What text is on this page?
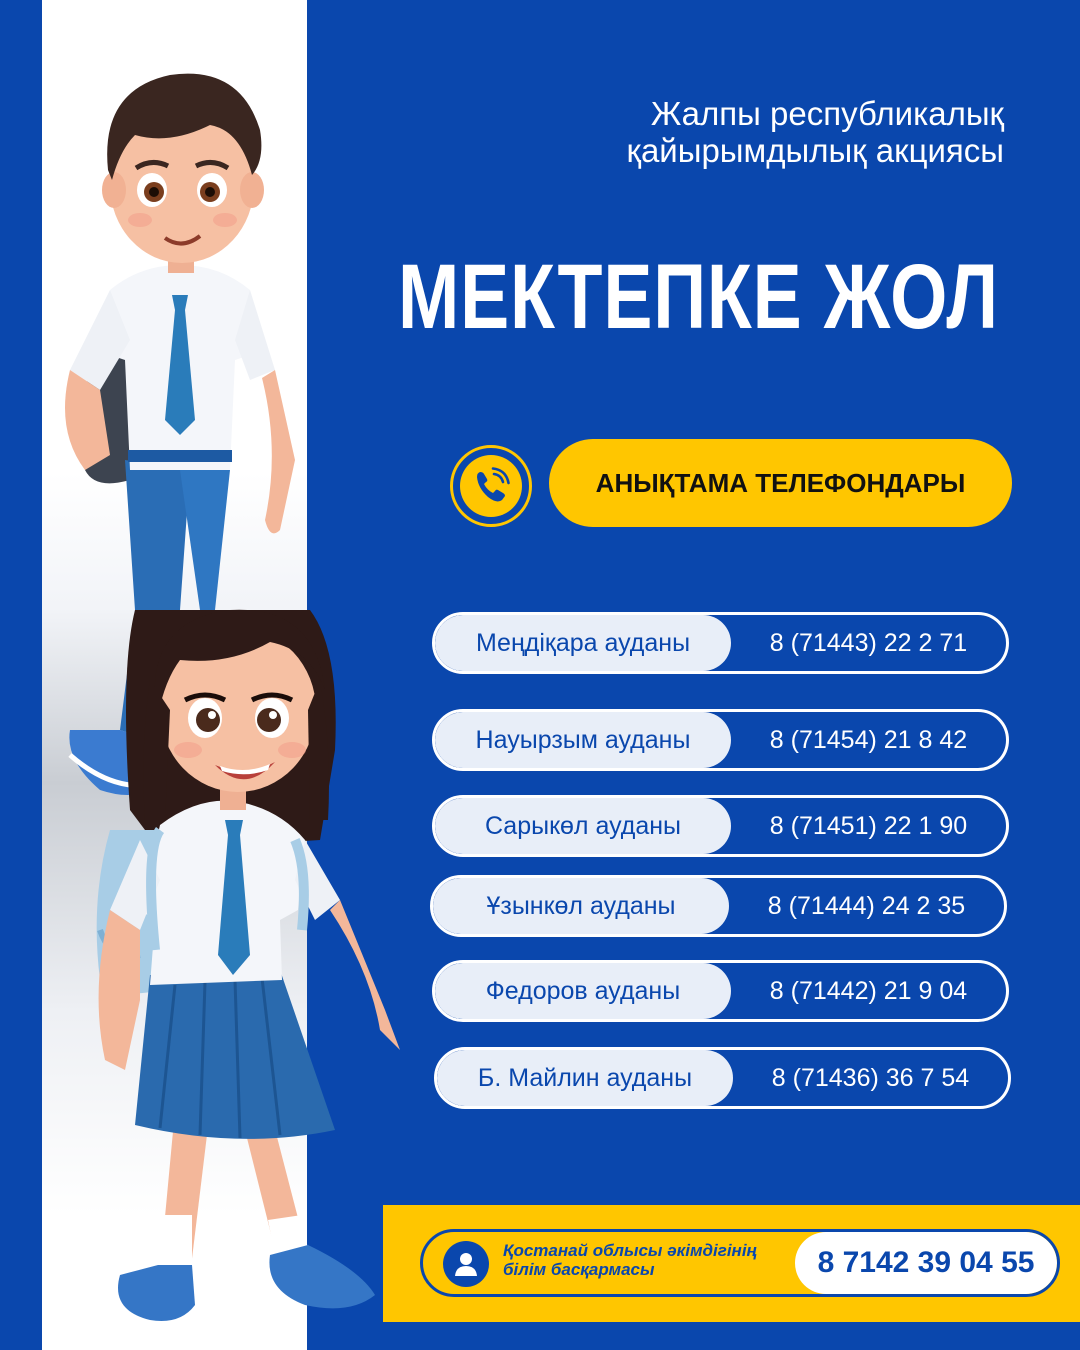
Жалпы республикалық
қайырымдылық акциясы
МЕКТЕПКЕ ЖОЛ
АНЫҚТАМА ТЕЛЕФОНДАРЫ
Меңдіқара ауданы	8 (71443) 22 2 71
Науырзым ауданы	8 (71454) 21 8 42
Сарыкөл ауданы	8 (71451) 22 1 90
Ұзынкөл ауданы	8 (71444) 24 2 35
Федоров ауданы	8 (71442) 21 9 04
Б. Майлин ауданы	8 (71436) 36 7 54
Қостанай облысы әкімдігінің
білім басқармасы	8 7142 39 04 55
